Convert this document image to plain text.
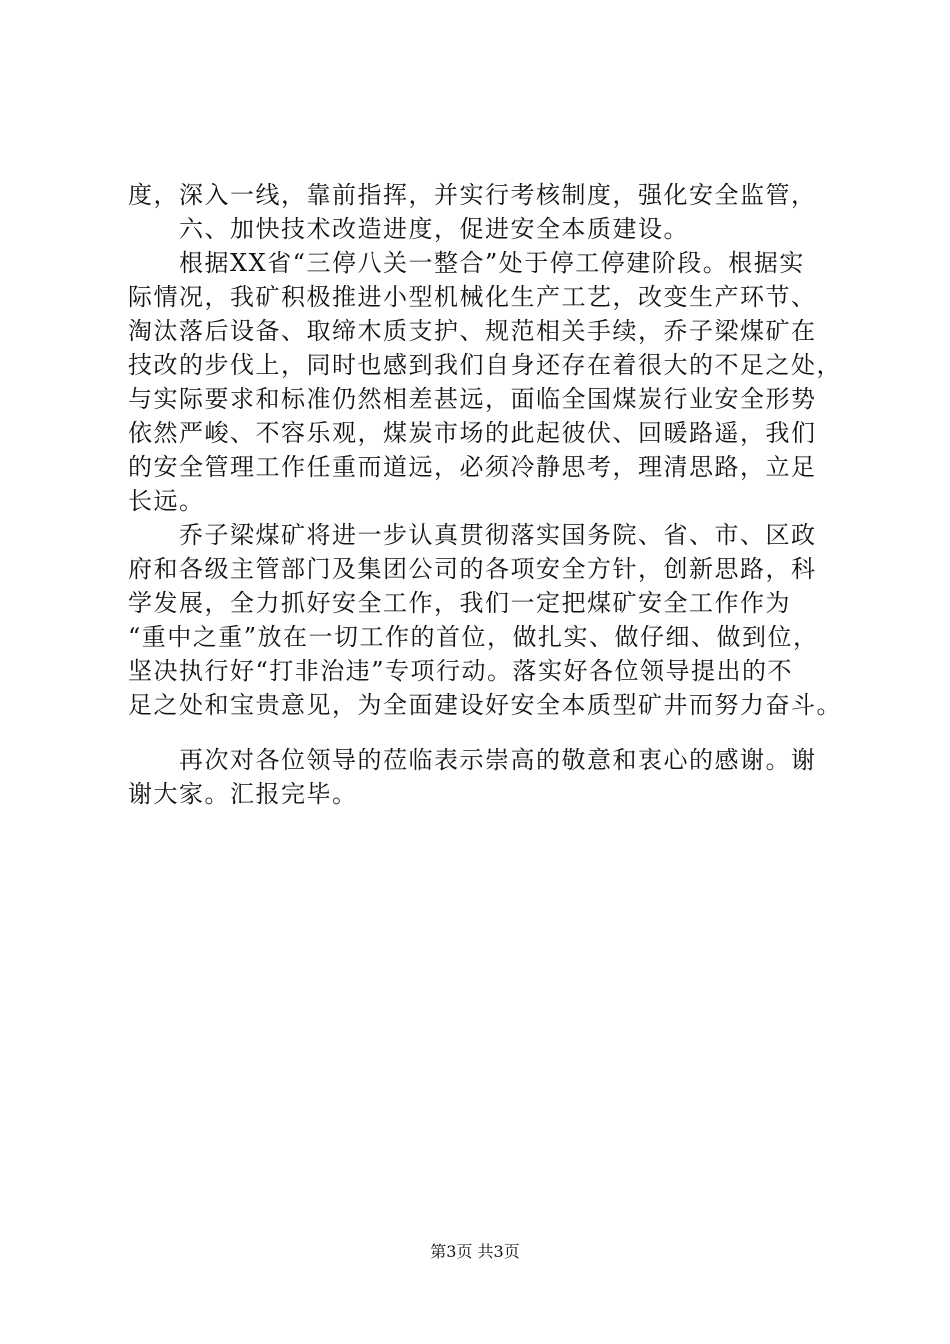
度，深入一线，靠前指挥，并实行考核制度，强化安全监管，
　　六、加快技术改造进度，促进安全本质建设。
　　根据XX省“三停八关一整合”处于停工停建阶段。根据实
际情况，我矿积极推进小型机械化生产工艺，改变生产环节、
淘汰落后设备、取缔木质支护、规范相关手续，乔子梁煤矿在
技改的步伐上，同时也感到我们自身还存在着很大的不足之处，
与实际要求和标准仍然相差甚远，面临全国煤炭行业安全形势
依然严峻、不容乐观，煤炭市场的此起彼伏、回暖路遥，我们
的安全管理工作任重而道远，必须冷静思考，理清思路，立足
长远。
　　乔子梁煤矿将进一步认真贯彻落实国务院、省、市、区政
府和各级主管部门及集团公司的各项安全方针，创新思路，科
学发展，全力抓好安全工作，我们一定把煤矿安全工作作为
“重中之重”放在一切工作的首位，做扎实、做仔细、做到位，
坚决执行好“打非治违”专项行动。落实好各位领导提出的不
足之处和宝贵意见，为全面建设好安全本质型矿井而努力奋斗。
　　再次对各位领导的莅临表示崇高的敬意和衷心的感谢。谢
谢大家。汇报完毕。
第3页 共3页
